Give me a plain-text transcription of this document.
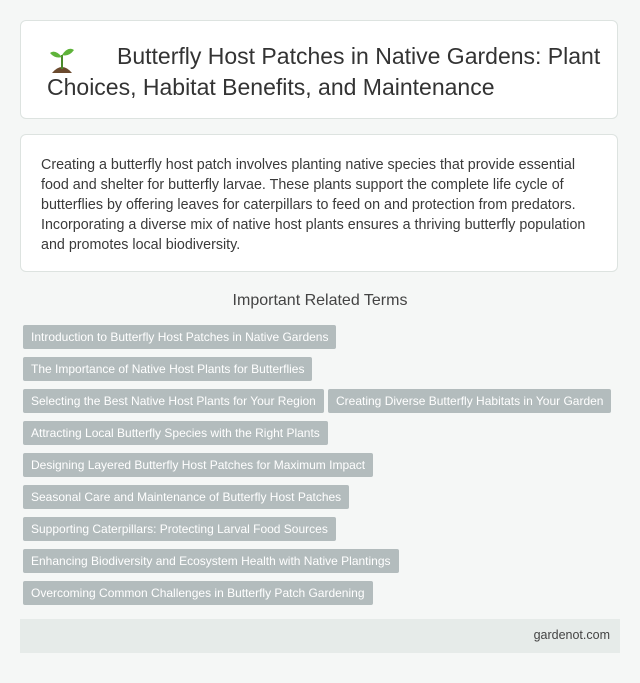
Butterfly Host Patches in Native Gardens: Plant Choices, Habitat Benefits, and Maintenance

Creating a butterfly host patch involves planting native species that provide essential food and shelter for butterfly larvae. These plants support the complete life cycle of butterflies by offering leaves for caterpillars to feed on and protection from predators. Incorporating a diverse mix of native host plants ensures a thriving butterfly population and promotes local biodiversity.

Important Related Terms
Introduction to Butterfly Host Patches in Native Gardens
The Importance of Native Host Plants for Butterflies
Selecting the Best Native Host Plants for Your Region	Creating Diverse Butterfly Habitats in Your Garden
Attracting Local Butterfly Species with the Right Plants
Designing Layered Butterfly Host Patches for Maximum Impact
Seasonal Care and Maintenance of Butterfly Host Patches
Supporting Caterpillars: Protecting Larval Food Sources
Enhancing Biodiversity and Ecosystem Health with Native Plantings
Overcoming Common Challenges in Butterfly Patch Gardening
gardenot.com
